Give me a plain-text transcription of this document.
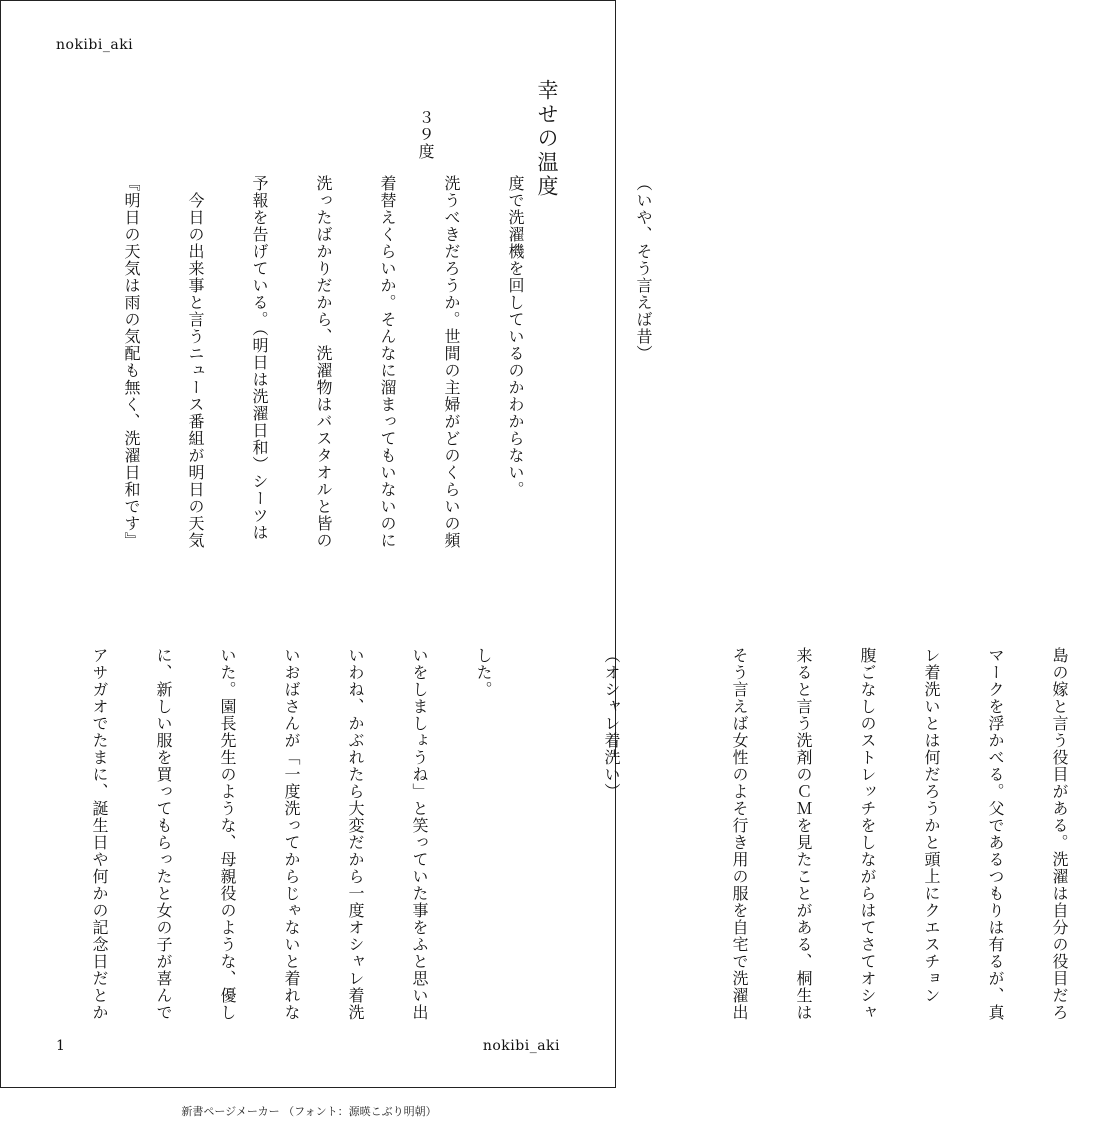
nokibi_aki
幸せの温度
３９度

（いや、そう言えば昔）

度で洗濯機を回しているのかわからない。

洗うべきだろうか。世間の主婦がどのくらいの頻

着替えくらいか。そんなに溜まってもいないのに

洗ったばかりだから、洗濯物はバスタオルと皆の

予報を告げている。（明日は洗濯日和）シーツは

　今日の出来事と言うニュース番組が明日の天気

『明日の天気は雨の気配も無く、洗濯日和です』

島の嫁と言う役目がある。洗濯は自分の役目だろ

マークを浮かべる。父であるつもりは有るが、真

レ着洗いとは何だろうかと頭上にクエスチョン

腹ごなしのストレッチをしながらはてさてオシャ

来ると言う洗剤のＣＭを見たことがある、桐生は

そう言えば女性のよそ行き用の服を自宅で洗濯出

（オシャレ着洗い）

した。

いをしましょうね」と笑っていた事をふと思い出

いわね、かぶれたら大変だから一度オシャレ着洗

いおばさんが「一度洗ってからじゃないと着れな

いた。園長先生のような、母親役のような、優し

に、新しい服を買ってもらったと女の子が喜んで

アサガオでたまに、誕生日や何かの記念日だとか

1	nokibi_aki
新書ページメーカー （フォント：源暎こぶり明朝）
